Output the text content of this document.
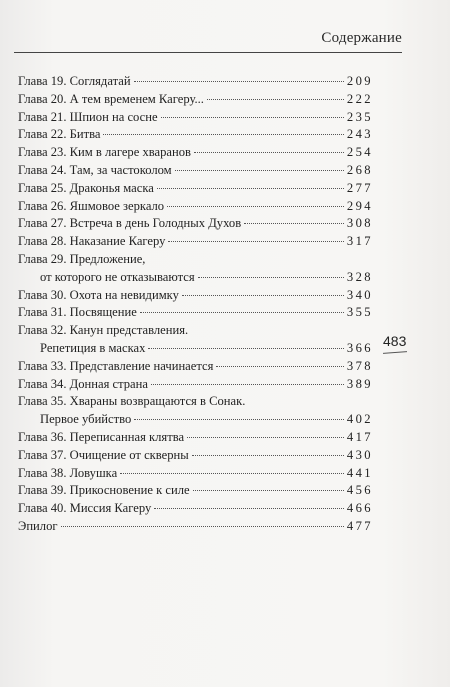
Содержание
Глава 19. Соглядатай	209
Глава 20. А тем временем Кагеру...	222
Глава 21. Шпион на сосне	235
Глава 22. Битва	243
Глава 23. Ким в лагере хваранов	254
Глава 24. Там, за частоколом	268
Глава 25. Драконья маска	277
Глава 26. Яшмовое зеркало	294
Глава 27. Встреча в день Голодных Духов	308
Глава 28. Наказание Кагеру	317
Глава 29. Предложение,
от которого не отказываются	328
Глава 30. Охота на невидимку	340
Глава 31. Посвящение	355
Глава 32. Канун представления.
Репетиция в масках	366
Глава 33. Представление начинается	378
Глава 34. Донная страна	389
Глава 35. Хвараны возвращаются в Сонак.
Первое убийство	402
Глава 36. Переписанная клятва	417
Глава 37. Очищение от скверны	430
Глава 38. Ловушка	441
Глава 39. Прикосновение к силе	456
Глава 40. Миссия Кагеру	466
Эпилог	477
483
